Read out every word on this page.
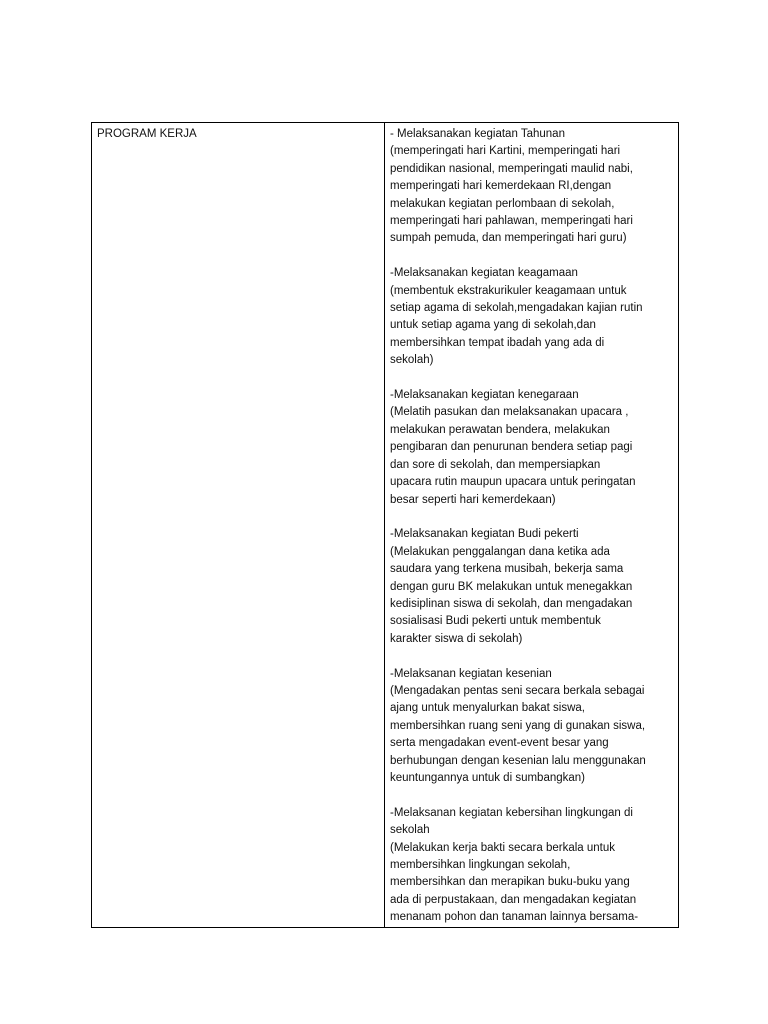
PROGRAM KERJA	- Melaksanakan kegiatan Tahunan
(memperingati hari Kartini, memperingati hari
pendidikan nasional, memperingati maulid nabi,
memperingati hari kemerdekaan RI,dengan
melakukan kegiatan perlombaan di sekolah,
memperingati hari pahlawan, memperingati hari
sumpah pemuda, dan memperingati hari guru)
-Melaksanakan kegiatan keagamaan
(membentuk ekstrakurikuler keagamaan untuk
setiap agama di sekolah,mengadakan kajian rutin
untuk setiap agama yang di sekolah,dan
membersihkan tempat ibadah yang ada di
sekolah)
-Melaksanakan kegiatan kenegaraan
(Melatih pasukan dan melaksanakan upacara ,
melakukan perawatan bendera, melakukan
pengibaran dan penurunan bendera setiap pagi
dan sore di sekolah, dan mempersiapkan
upacara rutin maupun upacara untuk peringatan
besar seperti hari kemerdekaan)
-Melaksanakan kegiatan Budi pekerti
(Melakukan penggalangan dana ketika ada
saudara yang terkena musibah, bekerja sama
dengan guru BK melakukan untuk menegakkan
kedisiplinan siswa di sekolah, dan mengadakan
sosialisasi Budi pekerti untuk membentuk
karakter siswa di sekolah)
-Melaksanan kegiatan kesenian
(Mengadakan pentas seni secara berkala sebagai
ajang untuk menyalurkan bakat siswa,
membersihkan ruang seni yang di gunakan siswa,
serta mengadakan event-event besar yang
berhubungan dengan kesenian lalu menggunakan
keuntungannya untuk di sumbangkan)
-Melaksanan kegiatan kebersihan lingkungan di
sekolah
(Melakukan kerja bakti secara berkala untuk
membersihkan lingkungan sekolah,
membersihkan dan merapikan buku-buku yang
ada di perpustakaan, dan mengadakan kegiatan
menanam pohon dan tanaman lainnya bersama-
